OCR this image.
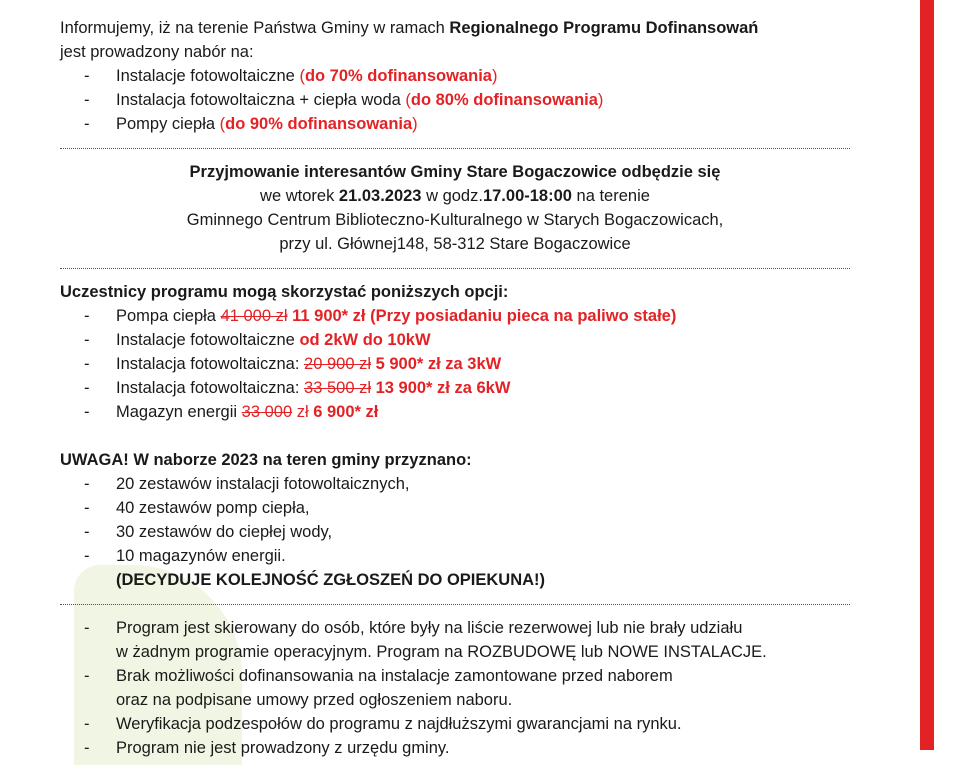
Informujemy, iż na terenie Państwa Gminy w ramach Regionalnego Programu Dofinansowań

jest prowadzony nabór na:

- Instalacje fotowoltaiczne (do 70% dofinansowania)
- Instalacja fotowoltaiczna + ciepła woda (do 80% dofinansowania)
- Pompy ciepła (do 90% dofinansowania)
Przyjmowanie interesantów Gminy Stare Bogaczowice odbędzie się
we wtorek 21.03.2023 w godz.17.00-18:00 na terenie
Gminnego Centrum Biblioteczno-Kulturalnego w Starych Bogaczowicach,
przy ul. Głównej148, 58-312 Stare Bogaczowice

Uczestnicy programu mogą skorzystać poniższych opcji:

- Pompa ciepła 41 000 zł 11 900* zł (Przy posiadaniu pieca na paliwo stałe)
- Instalacje fotowoltaiczne od 2kW do 10kW
- Instalacja fotowoltaiczna: 20 900 zł 5 900* zł za 3kW
- Instalacja fotowoltaiczna: 33 500 zł 13 900* zł za 6kW
- Magazyn energii 33 000 zł 6 900* zł

UWAGA! W naborze 2023 na teren gminy przyznano:

- 20 zestawów instalacji fotowoltaicznych,
- 40 zestawów pomp ciepła,
- 30 zestawów do ciepłej wody,
- 10 magazynów energii.
(DECYDUJE KOLEJNOŚĆ ZGŁOSZEŃ DO OPIEKUNA!)
- Program jest skierowany do osób, które były na liście rezerwowej lub nie brały udziału
w żadnym programie operacyjnym. Program na ROZBUDOWĘ lub NOWE INSTALACJE.
- Brak możliwości dofinansowania na instalacje zamontowane przed naborem
oraz na podpisane umowy przed ogłoszeniem naboru.
- Weryfikacja podzespołów do programu z najdłuższymi gwarancjami na rynku.
- Program nie jest prowadzony z urzędu gminy.
